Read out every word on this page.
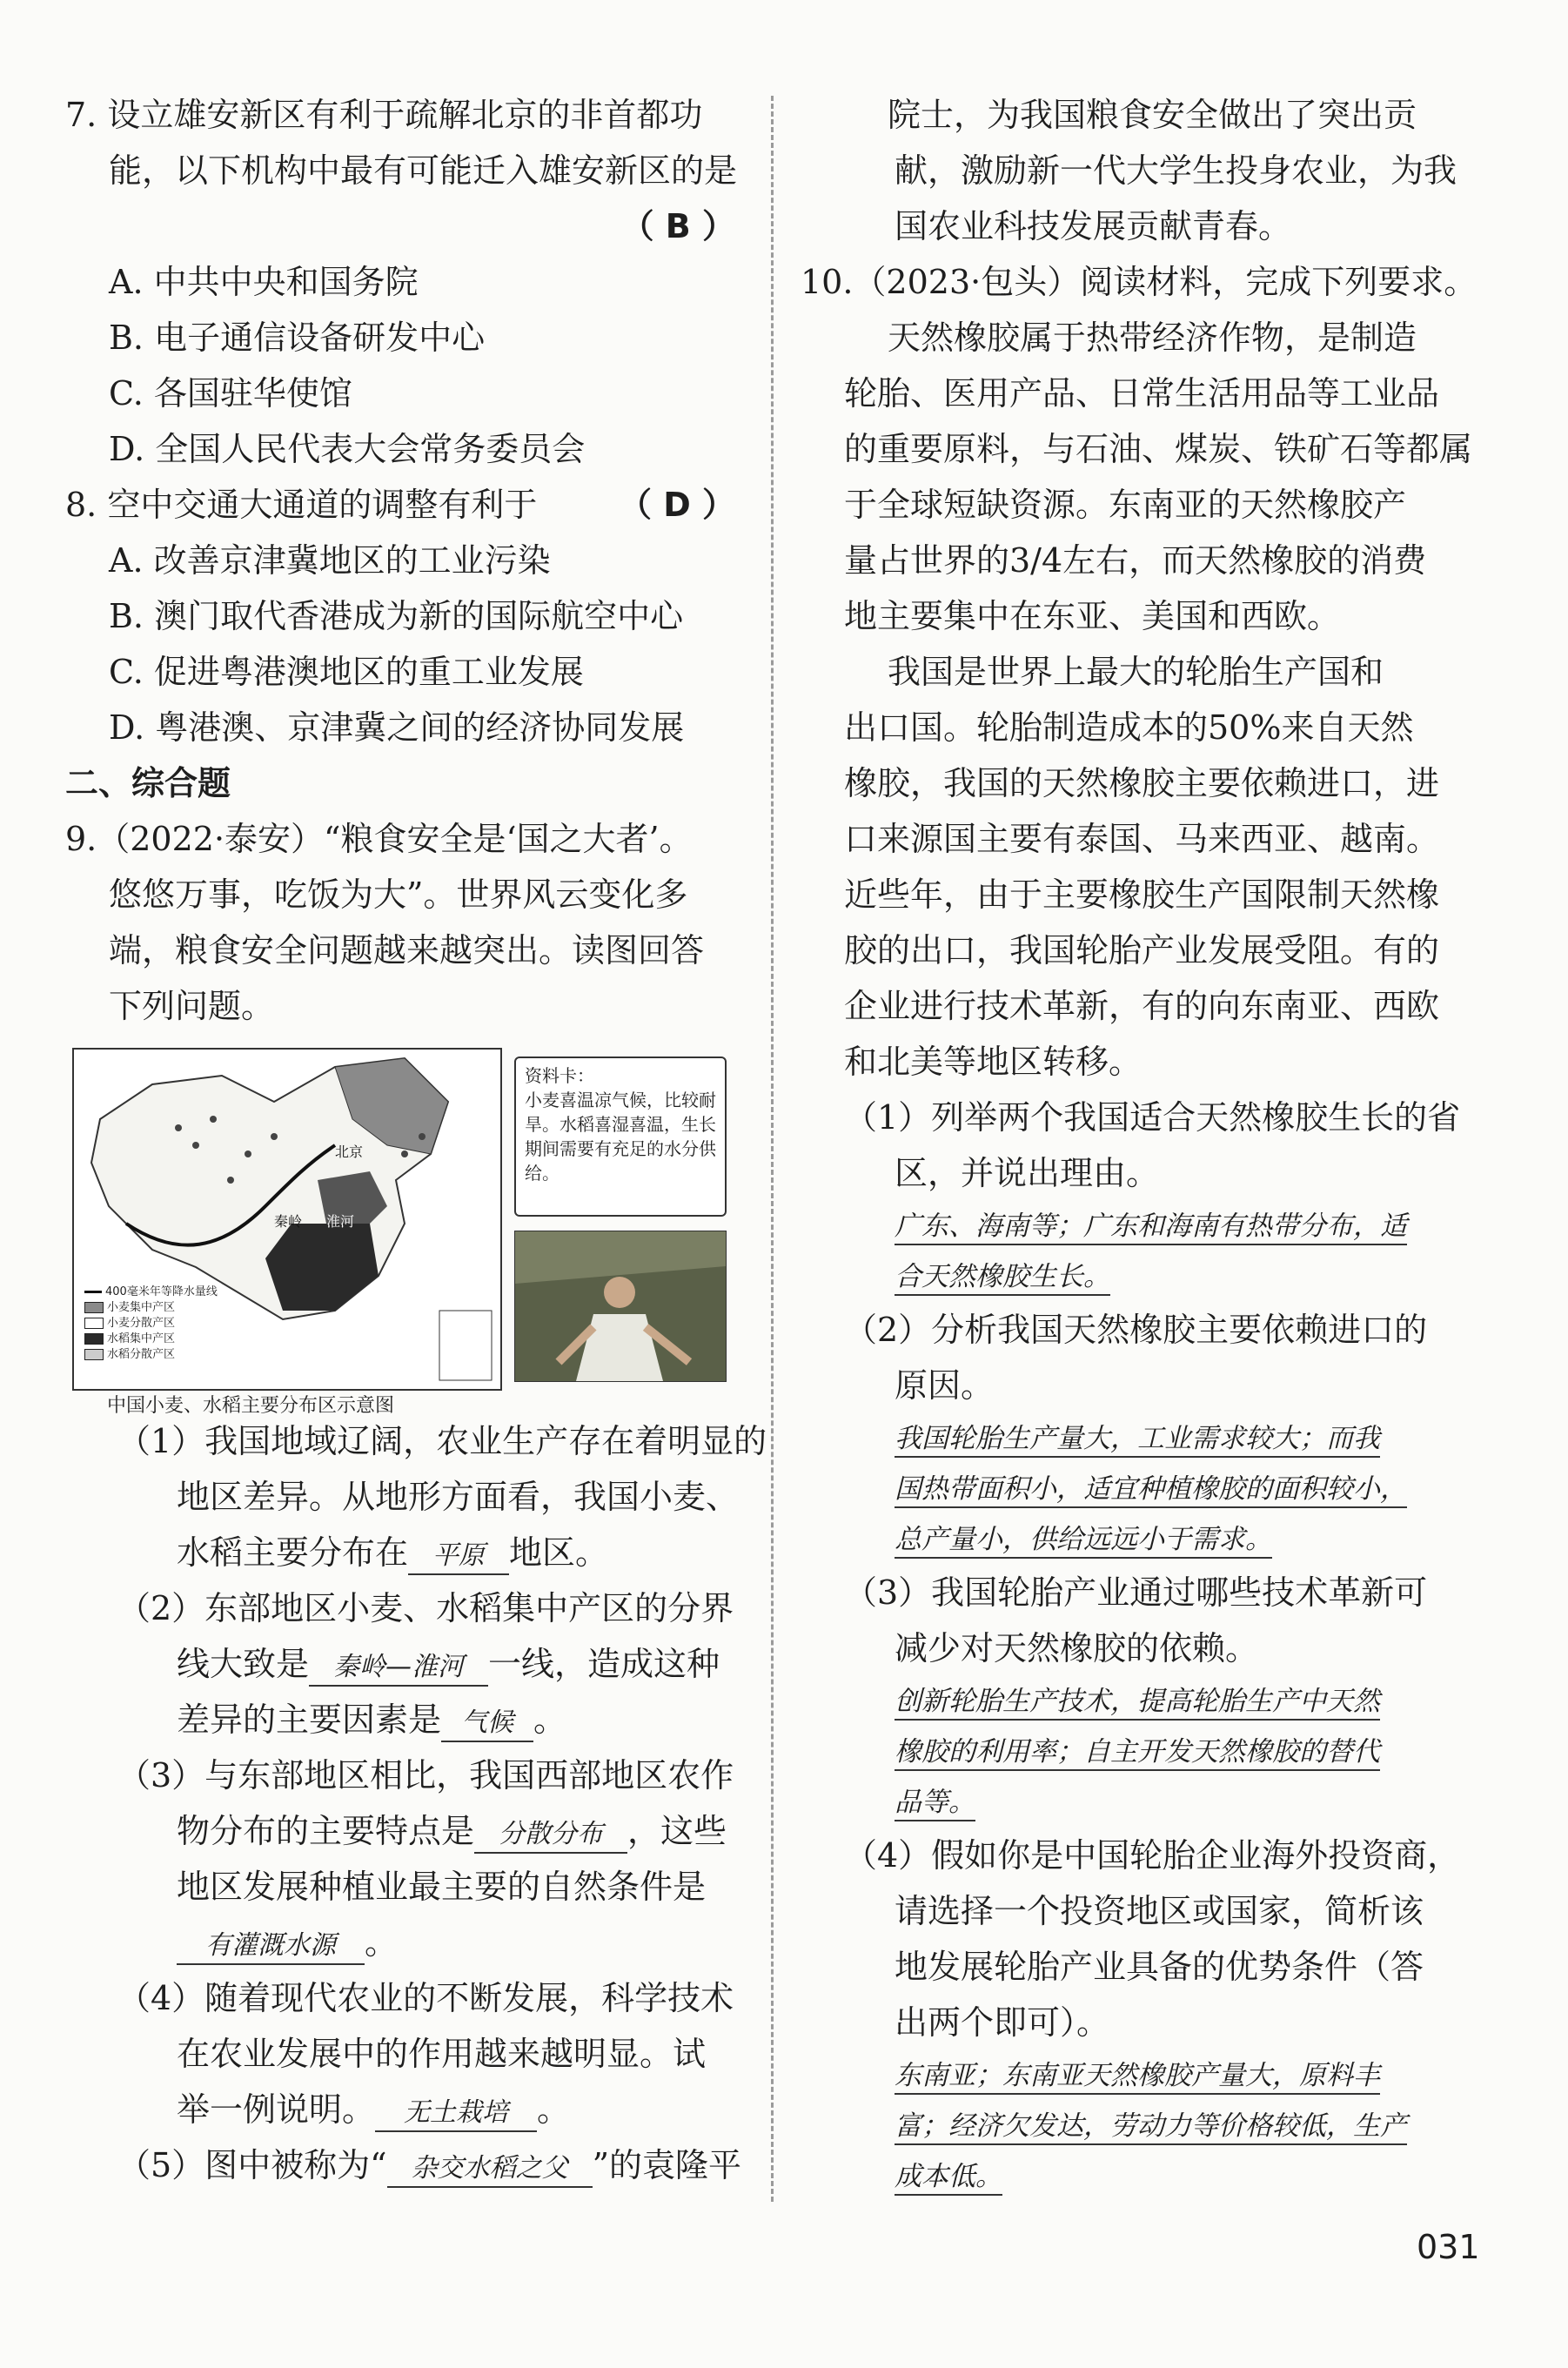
7. 设立雄安新区有利于疏解北京的非首都功
能，以下机构中最有可能迁入雄安新区的是
（ B ）
A. 中共中央和国务院
B. 电子通信设备研发中心
C. 各国驻华使馆
D. 全国人民代表大会常务委员会
8. 空中交通大通道的调整有利于 （ D ）
A. 改善京津冀地区的工业污染
B. 澳门取代香港成为新的国际航空中心
C. 促进粤港澳地区的重工业发展
D. 粤港澳、京津冀之间的经济协同发展
二、综合题
9.（2022·泰安）“粮食安全是‘国之大者’。
悠悠万事，吃饭为大”。世界风云变化多
端，粮食安全问题越来越突出。读图回答
下列问题。
北京
秦岭 淮河
400毫米年等降水量线
小麦集中产区
小麦分散产区
水稻集中产区
水稻分散产区
资料卡：
小麦喜温凉气候，比较耐旱。水稻喜湿喜温，生长期间需要有充足的水分供给。
中国小麦、水稻主要分布区示意图
（1）我国地域辽阔，农业生产存在着明显的
地区差异。从地形方面看，我国小麦、
水稻主要分布在 平原 地区。
（2）东部地区小麦、水稻集中产区的分界
线大致是 秦岭—淮河 一线，造成这种
差异的主要因素是 气候 。
（3）与东部地区相比，我国西部地区农作
物分布的主要特点是 分散分布 ，这些
地区发展种植业最主要的自然条件是
有灌溉水源 。
（4）随着现代农业的不断发展，科学技术
在农业发展中的作用越来越明显。试
举一例说明。 无土栽培 。
（5）图中被称为“ 杂交水稻之父 ”的袁隆平
院士，为我国粮食安全做出了突出贡
献，激励新一代大学生投身农业，为我
国农业科技发展贡献青春。
10.（2023·包头）阅读材料，完成下列要求。
天然橡胶属于热带经济作物，是制造
轮胎、医用产品、日常生活用品等工业品
的重要原料，与石油、煤炭、铁矿石等都属
于全球短缺资源。东南亚的天然橡胶产
量占世界的3/4左右，而天然橡胶的消费
地主要集中在东亚、美国和西欧。
我国是世界上最大的轮胎生产国和
出口国。轮胎制造成本的50%来自天然
橡胶，我国的天然橡胶主要依赖进口，进
口来源国主要有泰国、马来西亚、越南。
近些年，由于主要橡胶生产国限制天然橡
胶的出口，我国轮胎产业发展受阻。有的
企业进行技术革新，有的向东南亚、西欧
和北美等地区转移。
（1）列举两个我国适合天然橡胶生长的省
区，并说出理由。
广东、海南等；广东和海南有热带分布，适
合天然橡胶生长。
（2）分析我国天然橡胶主要依赖进口的
原因。
我国轮胎生产量大，工业需求较大；而我
国热带面积小，适宜种植橡胶的面积较小，
总产量小，供给远远小于需求。
（3）我国轮胎产业通过哪些技术革新可
减少对天然橡胶的依赖。
创新轮胎生产技术，提高轮胎生产中天然
橡胶的利用率；自主开发天然橡胶的替代
品等。
（4）假如你是中国轮胎企业海外投资商，
请选择一个投资地区或国家，简析该
地发展轮胎产业具备的优势条件（答
出两个即可）。
东南亚；东南亚天然橡胶产量大，原料丰
富；经济欠发达，劳动力等价格较低，生产
成本低。
031
